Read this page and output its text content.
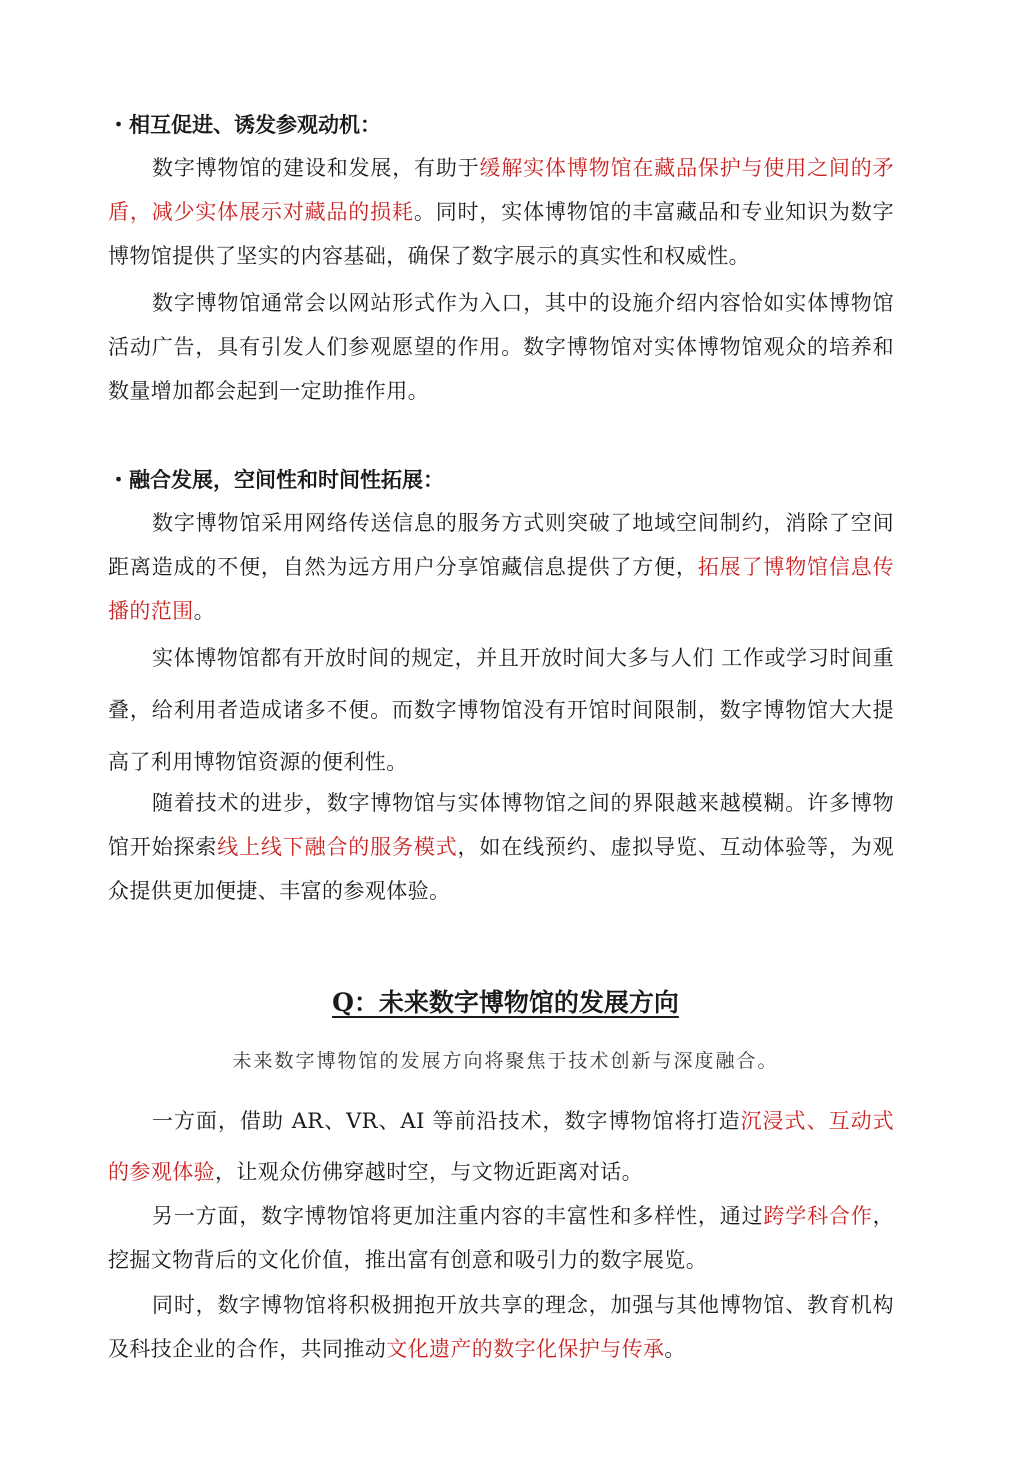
・相互促进、诱发参观动机：

数字博物馆的建设和发展，有助于缓解实体博物馆在藏品保护与使用之间的矛盾，减少实体展示对藏品的损耗。同时，实体博物馆的丰富藏品和专业知识为数字博物馆提供了坚实的内容基础，确保了数字展示的真实性和权威性。

数字博物馆通常会以网站形式作为入口，其中的设施介绍内容恰如实体博物馆活动广告，具有引发人们参观愿望的作用。数字博物馆对实体博物馆观众的培养和数量增加都会起到一定助推作用。

・融合发展，空间性和时间性拓展：

数字博物馆采用网络传送信息的服务方式则突破了地域空间制约，消除了空间距离造成的不便，自然为远方用户分享馆藏信息提供了方便，拓展了博物馆信息传播的范围。

实体博物馆都有开放时间的规定，并且开放时间大多与人们 工作或学习时间重叠，给利用者造成诸多不便。而数字博物馆没有开馆时间限制，数字博物馆大大提高了利用博物馆资源的便利性。

随着技术的进步，数字博物馆与实体博物馆之间的界限越来越模糊。许多博物馆开始探索线上线下融合的服务模式，如在线预约、虚拟导览、互动体验等，为观众提供更加便捷、丰富的参观体验。

Q：未来数字博物馆的发展方向
未来数字博物馆的发展方向将聚焦于技术创新与深度融合。

一方面，借助 AR、VR、AI 等前沿技术，数字博物馆将打造沉浸式、互动式的参观体验，让观众仿佛穿越时空，与文物近距离对话。

另一方面，数字博物馆将更加注重内容的丰富性和多样性，通过跨学科合作，挖掘文物背后的文化价值，推出富有创意和吸引力的数字展览。

同时，数字博物馆将积极拥抱开放共享的理念，加强与其他博物馆、教育机构及科技企业的合作，共同推动文化遗产的数字化保护与传承。
